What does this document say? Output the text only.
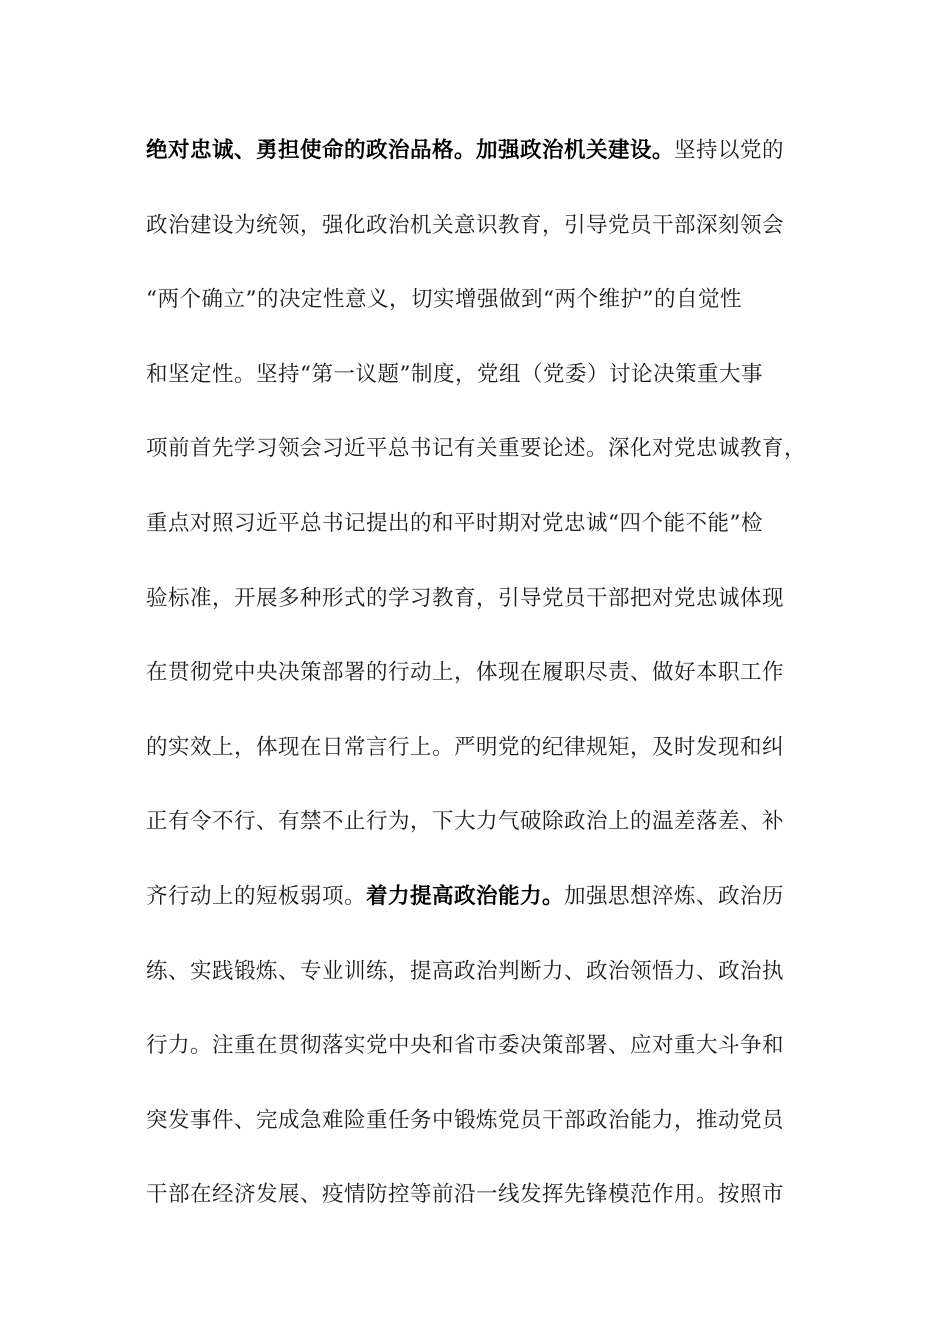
绝对忠诚、勇担使命的政治品格。加强政治机关建设。坚持以党的
政治建设为统领，强化政治机关意识教育，引导党员干部深刻领会
“两个确立”的决定性意义，切实增强做到“两个维护”的自觉性
和坚定性。坚持“第一议题”制度，党组（党委）讨论决策重大事
项前首先学习领会习近平总书记有关重要论述。深化对党忠诚教育，
重点对照习近平总书记提出的和平时期对党忠诚“四个能不能”检
验标准，开展多种形式的学习教育，引导党员干部把对党忠诚体现
在贯彻党中央决策部署的行动上，体现在履职尽责、做好本职工作
的实效上，体现在日常言行上。严明党的纪律规矩，及时发现和纠
正有令不行、有禁不止行为，下大力气破除政治上的温差落差、补
齐行动上的短板弱项。着力提高政治能力。加强思想淬炼、政治历
练、实践锻炼、专业训练，提高政治判断力、政治领悟力、政治执
行力。注重在贯彻落实党中央和省市委决策部署、应对重大斗争和
突发事件、完成急难险重任务中锻炼党员干部政治能力，推动党员
干部在经济发展、疫情防控等前沿一线发挥先锋模范作用。按照市
